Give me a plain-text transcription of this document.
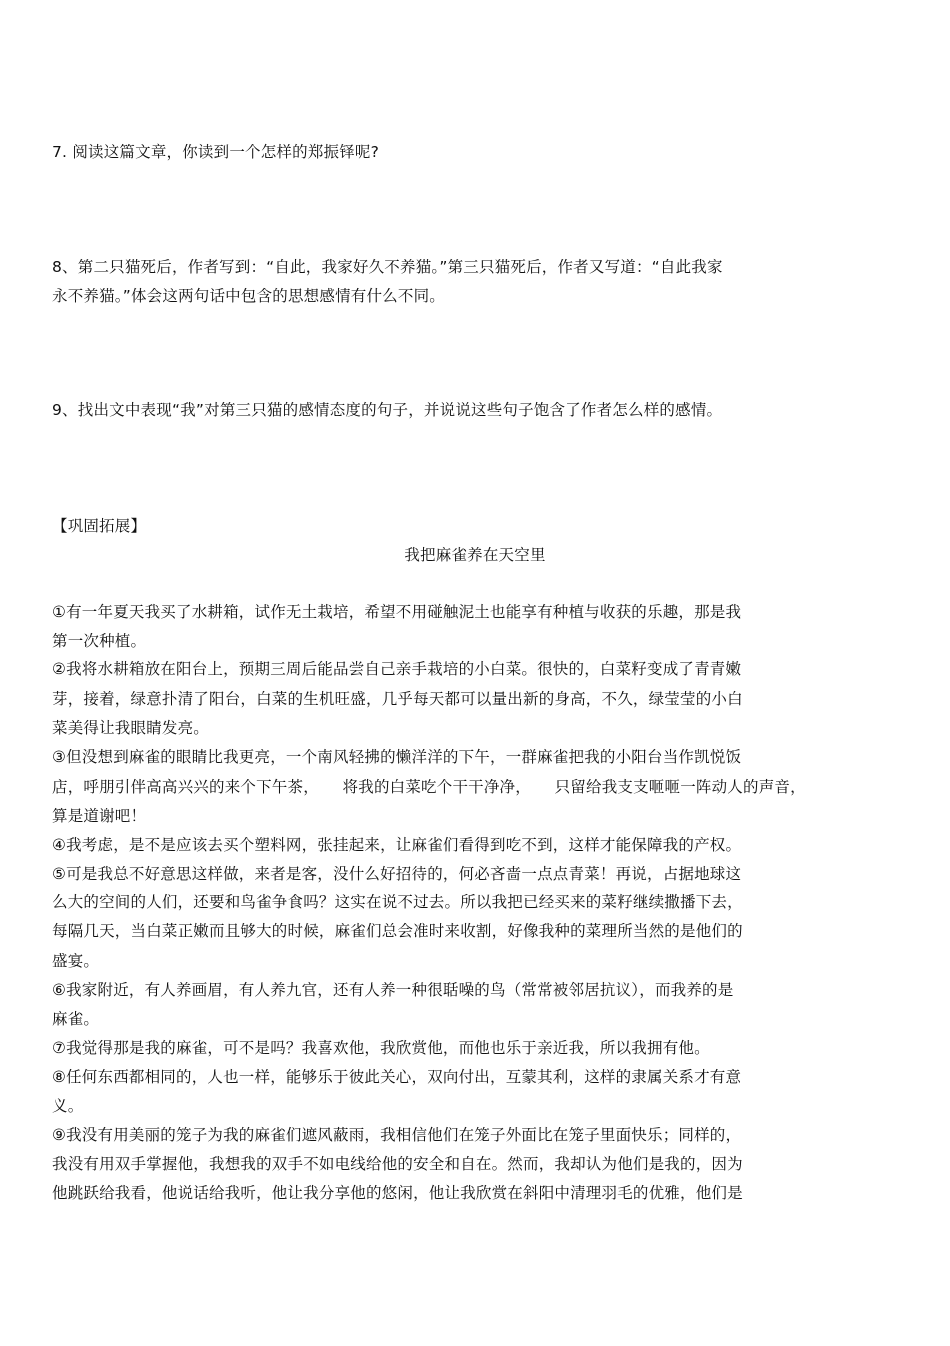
7. 阅读这篇文章，你读到一个怎样的郑振铎呢?
8、第二只猫死后，作者写到：“自此，我家好久不养猫。”第三只猫死后，作者又写道：“自此我家
永不养猫。”体会这两句话中包含的思想感情有什么不同。
9、找出文中表现“我”对第三只猫的感情态度的句子，并说说这些句子饱含了作者怎么样的感情。
【巩固拓展】
我把麻雀养在天空里
①有一年夏天我买了水耕箱，试作无土栽培，希望不用碰触泥土也能享有种植与收获的乐趣，那是我
第一次种植。
②我将水耕箱放在阳台上，预期三周后能品尝自己亲手栽培的小白菜。很快的，白菜籽变成了青青嫩
芽，接着，绿意扑清了阳台，白菜的生机旺盛，几乎每天都可以量出新的身高，不久，绿莹莹的小白
菜美得让我眼睛发亮。
③但没想到麻雀的眼睛比我更亮，一个南风轻拂的懒洋洋的下午，一群麻雀把我的小阳台当作凯悦饭
店，呼朋引伴高高兴兴的来个下午茶，　　将我的白菜吃个干干净净，　　只留给我支支咂咂一阵动人的声音，
算是道谢吧！
④我考虑，是不是应该去买个塑料网，张挂起来，让麻雀们看得到吃不到，这样才能保障我的产权。
⑤可是我总不好意思这样做，来者是客，没什么好招待的，何必吝啬一点点青菜！再说，占据地球这
么大的空间的人们，还要和鸟雀争食吗？这实在说不过去。所以我把已经买来的菜籽继续撒播下去，
每隔几天，当白菜正嫩而且够大的时候，麻雀们总会准时来收割，好像我种的菜理所当然的是他们的
盛宴。
⑥我家附近，有人养画眉，有人养九官，还有人养一种很聒噪的鸟（常常被邻居抗议），而我养的是
麻雀。
⑦我觉得那是我的麻雀，可不是吗？我喜欢他，我欣赏他，而他也乐于亲近我，所以我拥有他。
⑧任何东西都相同的，人也一样，能够乐于彼此关心，双向付出，互蒙其利，这样的隶属关系才有意
义。
⑨我没有用美丽的笼子为我的麻雀们遮风蔽雨，我相信他们在笼子外面比在笼子里面快乐；同样的，
我没有用双手掌握他，我想我的双手不如电线给他的安全和自在。然而，我却认为他们是我的，因为
他跳跃给我看，他说话给我听，他让我分享他的悠闲，他让我欣赏在斜阳中清理羽毛的优雅，他们是
